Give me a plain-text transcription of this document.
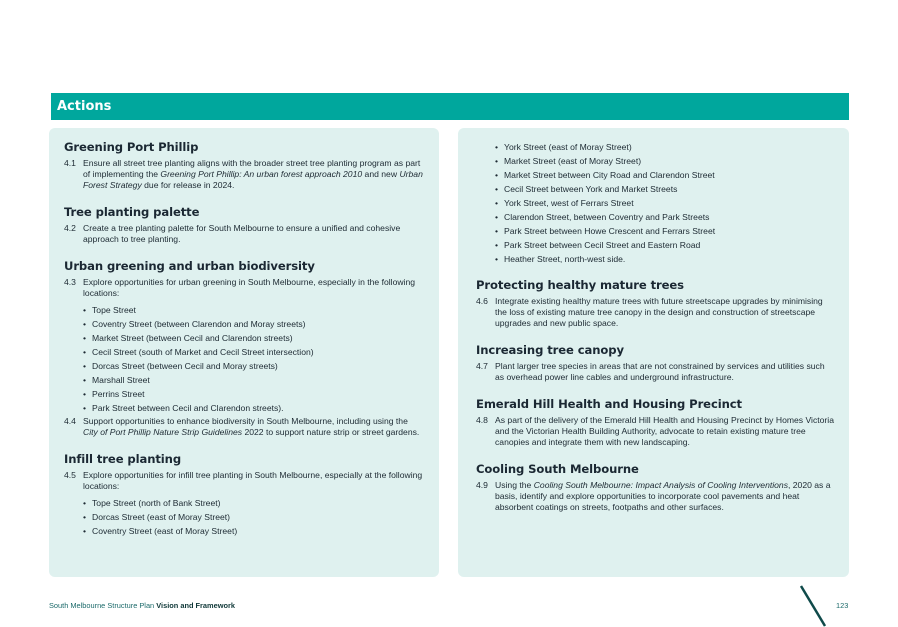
Actions
Greening Port Phillip
4.1 Ensure all street tree planting aligns with the broader street tree planting program as part of implementing the Greening Port Phillip: An urban forest approach 2010 and new Urban Forest Strategy due for release in 2024.
Tree planting palette
4.2 Create a tree planting palette for South Melbourne to ensure a unified and cohesive approach to tree planting.
Urban greening and urban biodiversity
4.3 Explore opportunities for urban greening in South Melbourne, especially in the following locations:
• Tope Street
• Coventry Street (between Clarendon and Moray streets)
• Market Street (between Cecil and Clarendon streets)
• Cecil Street (south of Market and Cecil Street intersection)
• Dorcas Street (between Cecil and Moray streets)
• Marshall Street
• Perrins Street
• Park Street between Cecil and Clarendon streets).
4.4 Support opportunities to enhance biodiversity in South Melbourne, including using the City of Port Phillip Nature Strip Guidelines 2022 to support nature strip or street gardens.
Infill tree planting
4.5 Explore opportunities for infill tree planting in South Melbourne, especially at the following locations:
• Tope Street (north of Bank Street)
• Dorcas Street (east of Moray Street)
• Coventry Street (east of Moray Street)
• York Street (east of Moray Street)
• Market Street (east of Moray Street)
• Market Street between City Road and Clarendon Street
• Cecil Street between York and Market Streets
• York Street, west of Ferrars Street
• Clarendon Street, between Coventry and Park Streets
• Park Street between Howe Crescent and Ferrars Street
• Park Street between Cecil Street and Eastern Road
• Heather Street, north-west side.
Protecting healthy mature trees
4.6 Integrate existing healthy mature trees with future streetscape upgrades by minimising the loss of existing mature tree canopy in the design and construction of streetscape upgrades and new public space.
Increasing tree canopy
4.7 Plant larger tree species in areas that are not constrained by services and utilities such as overhead power line cables and underground infrastructure.
Emerald Hill Health and Housing Precinct
4.8 As part of the delivery of the Emerald Hill Health and Housing Precinct by Homes Victoria and the Victorian Health Building Authority, advocate to retain existing mature tree canopies and integrate them with new landscaping.
Cooling South Melbourne
4.9 Using the Cooling South Melbourne: Impact Analysis of Cooling Interventions, 2020 as a basis, identify and explore opportunities to incorporate cool pavements and heat absorbent coatings on streets, footpaths and other surfaces.
South Melbourne Structure Plan Vision and Framework	123
